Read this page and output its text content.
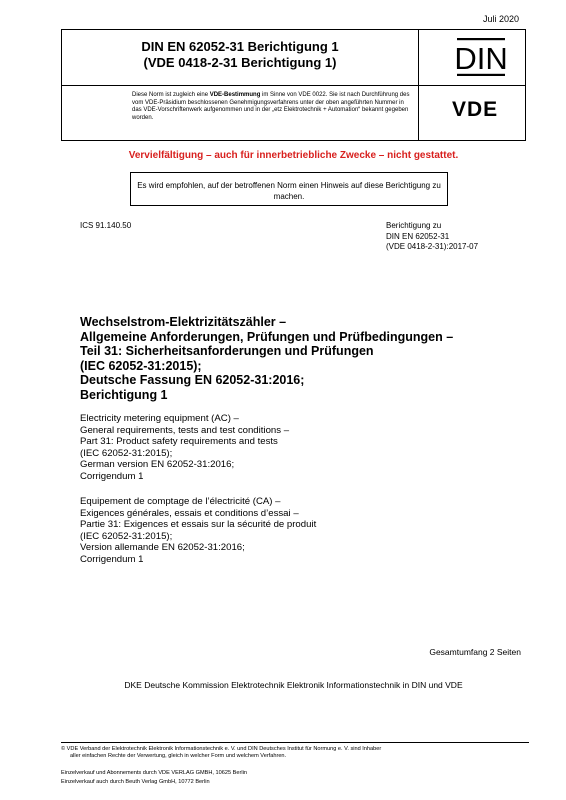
Juli 2020
DIN EN 62052-31 Berichtigung 1
(VDE 0418-2-31 Berichtigung 1)
Diese Norm ist zugleich eine VDE-Bestimmung im Sinne von VDE 0022. Sie ist nach Durchführung des vom VDE-Präsidium beschlossenen Genehmigungsverfahrens unter der oben angeführten Nummer in das VDE-Vorschriftenwerk aufgenommen und in der „etz Elektrotechnik + Automation“ bekannt gegeben worden.
DIN
VDE
Vervielfältigung – auch für innerbetriebliche Zwecke – nicht gestattet.
Es wird empfohlen, auf der betroffenen Norm einen Hinweis auf diese Berichtigung zu machen.
ICS 91.140.50	Berichtigung zu
DIN EN 62052-31
(VDE 0418-2-31):2017-07
Wechselstrom-Elektrizitätszähler –
Allgemeine Anforderungen, Prüfungen und Prüfbedingungen –
Teil 31: Sicherheitsanforderungen und Prüfungen
(IEC 62052-31:2015);
Deutsche Fassung EN 62052-31:2016;
Berichtigung 1
Electricity metering equipment (AC) –
General requirements, tests and test conditions –
Part 31: Product safety requirements and tests
(IEC 62052-31:2015);
German version EN 62052-31:2016;
Corrigendum 1
Equipement de comptage de l’électricité (CA) –
Exigences générales, essais et conditions d’essai –
Partie 31: Exigences et essais sur la sécurité de produit
(IEC 62052-31:2015);
Version allemande EN 62052-31:2016;
Corrigendum 1
Gesamtumfang 2 Seiten
DKE Deutsche Kommission Elektrotechnik Elektronik Informationstechnik in DIN und VDE
© VDE Verband der Elektrotechnik Elektronik Informationstechnik e. V. und DIN Deutsches Institut für Normung e. V. sind Inhaber
aller einfachen Rechte der Verwertung, gleich in welcher Form und welchem Verfahren.
Einzelverkauf und Abonnements durch VDE VERLAG GMBH, 10625 Berlin
Einzelverkauf auch durch Beuth Verlag GmbH, 10772 Berlin
